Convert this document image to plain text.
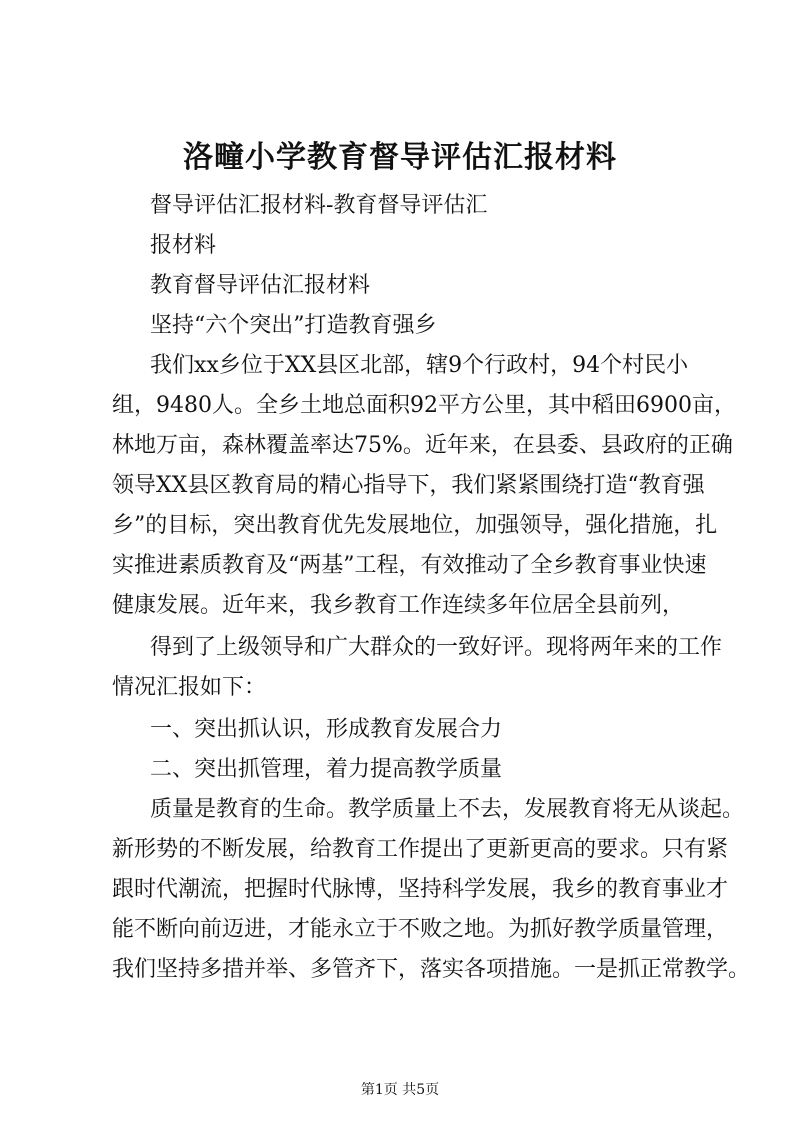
洛疃小学教育督导评估汇报材料
督导评估汇报材料-教育督导评估汇
报材料
教育督导评估汇报材料
坚持“六个突出”打造教育强乡
我们xx乡位于XX县区北部，辖9个行政村，94个村民小
组，9480人。全乡土地总面积92平方公里，其中稻田6900亩，
林地万亩，森林覆盖率达75%。近年来，在县委、县政府的正确
领导XX县区教育局的精心指导下，我们紧紧围绕打造“教育强
乡”的目标，突出教育优先发展地位，加强领导，强化措施，扎
实推进素质教育及“两基”工程，有效推动了全乡教育事业快速
健康发展。近年来，我乡教育工作连续多年位居全县前列，
得到了上级领导和广大群众的一致好评。现将两年来的工作
情况汇报如下：
一、突出抓认识，形成教育发展合力
二、突出抓管理，着力提高教学质量
质量是教育的生命。教学质量上不去，发展教育将无从谈起。
新形势的不断发展，给教育工作提出了更新更高的要求。只有紧
跟时代潮流，把握时代脉博，坚持科学发展，我乡的教育事业才
能不断向前迈进，才能永立于不败之地。为抓好教学质量管理，
我们坚持多措并举、多管齐下，落实各项措施。一是抓正常教学。
第1页 共5页
